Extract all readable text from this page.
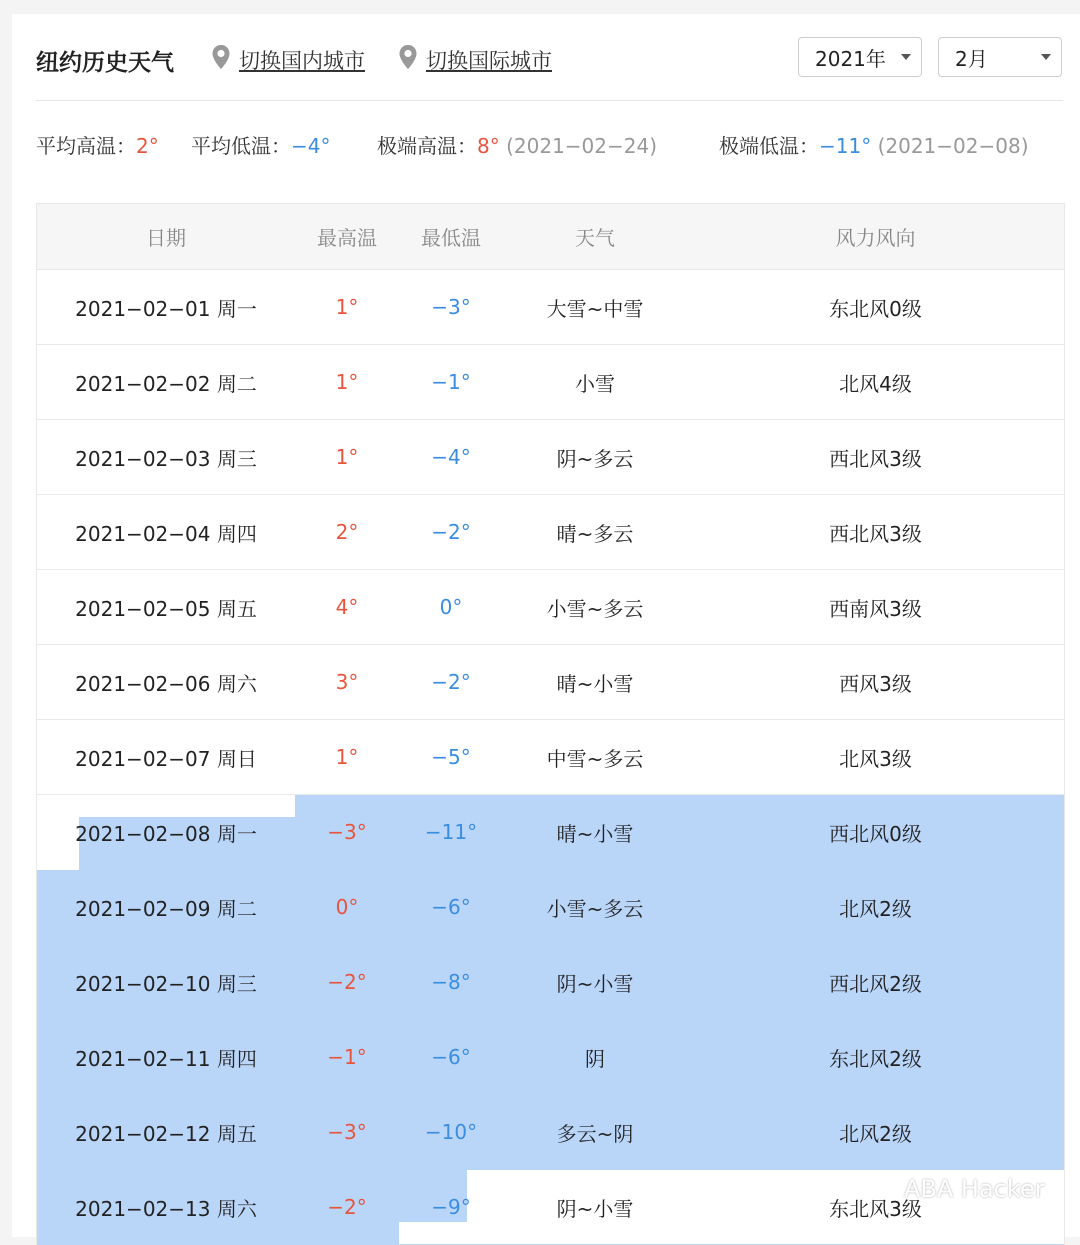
纽约历史天气	切换国内城市	切换国际城市	2021年	2月
平均高温：2° 平均低温：−4° 极端高温：8° (2021−02−24)	极端低温：−11° (2021−02−08)
日期	最高温	最低温	天气	风力风向
2021−02−01 周一	1°	−3°	大雪~中雪	东北风0级
2021−02−02 周二	1°	−1°	小雪	北风4级
2021−02−03 周三	1°	−4°	阴~多云	西北风3级
2021−02−04 周四	2°	−2°	晴~多云	西北风3级
2021−02−05 周五	4°	0°	小雪~多云	西南风3级
2021−02−06 周六	3°	−2°	晴~小雪	西风3级
2021−02−07 周日	1°	−5°	中雪~多云	北风3级
2021−02−08 周一	−3°	−11°	晴~小雪	西北风0级
2021−02−09 周二	0°	−6°	小雪~多云	北风2级
2021−02−10 周三	−2°	−8°	阴~小雪	西北风2级
2021−02−11 周四	−1°	−6°	阴	东北风2级
2021−02−12 周五	−3°	−10°	多云~阴	北风2级
2021−02−13 周六	−2°	−9°	阴~小雪	东北风3级
ABA Hacker
